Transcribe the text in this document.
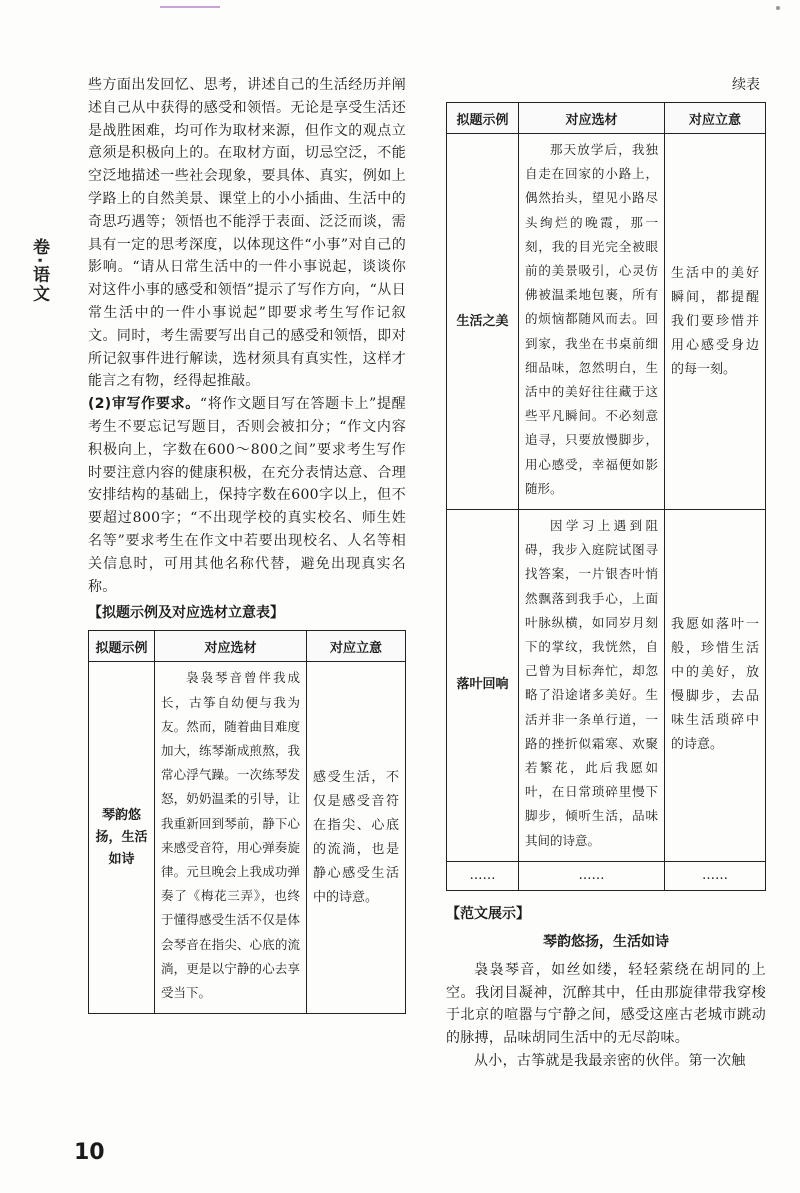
卷·语文

些方面出发回忆、思考，讲述自己的生活经历并阐述自己从中获得的感受和领悟。无论是享受生活还是战胜困难，均可作为取材来源，但作文的观点立意须是积极向上的。在取材方面，切忌空泛，不能空泛地描述一些社会现象，要具体、真实，例如上学路上的自然美景、课堂上的小小插曲、生活中的奇思巧遇等；领悟也不能浮于表面、泛泛而谈，需具有一定的思考深度，以体现这件“小事”对自己的影响。“请从日常生活中的一件小事说起，谈谈你对这件小事的感受和领悟”提示了写作方向，“从日常生活中的一件小事说起”即要求考生写作记叙文。同时，考生需要写出自己的感受和领悟，即对所记叙事件进行解读，选材须具有真实性，这样才能言之有物，经得起推敲。

(2)审写作要求。“将作文题目写在答题卡上”提醒考生不要忘记写题目，否则会被扣分；“作文内容积极向上，字数在600～800之间”要求考生写作时要注意内容的健康积极，在充分表情达意、合理安排结构的基础上，保持字数在600字以上，但不要超过800字；“不出现学校的真实校名、师生姓名等”要求考生在作文中若要出现校名、人名等相关信息时，可用其他名称代替，避免出现真实名称。

【拟题示例及对应选材立意表】
拟题示例	对应选材	对应立意
琴韵悠扬，生活如诗	袅袅琴音曾伴我成长，古筝自幼便与我为友。然而，随着曲目难度加大，练琴渐成煎熬，我常心浮气躁。一次练琴发怒，奶奶温柔的引导，让我重新回到琴前，静下心来感受音符，用心弹奏旋律。元旦晚会上我成功弹奏了《梅花三弄》，也终于懂得感受生活不仅是体会琴音在指尖、心底的流淌，更是以宁静的心去享受当下。	感受生活，不仅是感受音符在指尖、心底的流淌，也是静心感受生活中的诗意。
续表
拟题示例	对应选材	对应立意
生活之美	那天放学后，我独自走在回家的小路上，偶然抬头，望见小路尽头绚烂的晚霞，那一刻，我的目光完全被眼前的美景吸引，心灵仿佛被温柔地包裹，所有的烦恼都随风而去。回到家，我坐在书桌前细细品味，忽然明白，生活中的美好往往藏于这些平凡瞬间。不必刻意追寻，只要放慢脚步，用心感受，幸福便如影随形。	生活中的美好瞬间，都提醒我们要珍惜并用心感受身边的每一刻。
落叶回响	因学习上遇到阻碍，我步入庭院试图寻找答案，一片银杏叶悄然飘落到我手心，上面叶脉纵横，如同岁月刻下的掌纹，我恍然，自己曾为目标奔忙，却忽略了沿途诸多美好。生活并非一条单行道，一路的挫折似霜寒、欢聚若繁花，此后我愿如叶，在日常琐碎里慢下脚步，倾听生活，品味其间的诗意。	我愿如落叶一般，珍惜生活中的美好，放慢脚步，去品味生活琐碎中的诗意。
……	……	……
【范文展示】
琴韵悠扬，生活如诗

袅袅琴音，如丝如缕，轻轻萦绕在胡同的上空。我闭目凝神，沉醉其中，任由那旋律带我穿梭于北京的喧嚣与宁静之间，感受这座古老城市跳动的脉搏，品味胡同生活中的无尽韵味。

从小，古筝就是我最亲密的伙伴。第一次触

10
